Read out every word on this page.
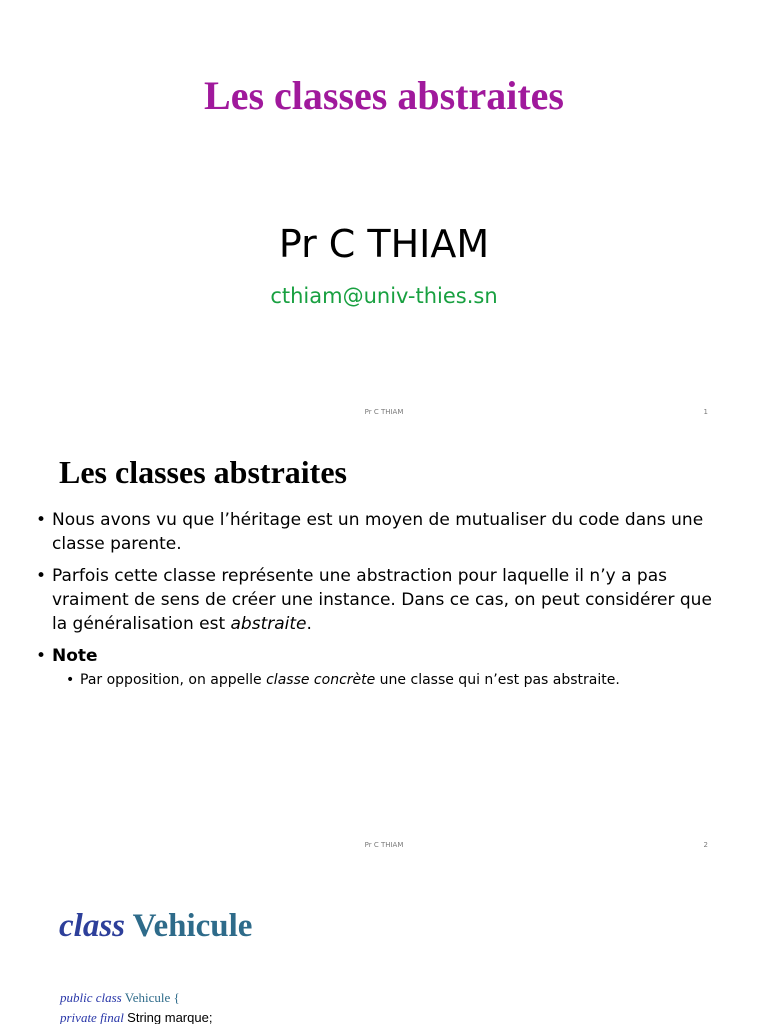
Les classes abstraites
Pr C THIAM
cthiam@univ-thies.sn
Pr C THIAM	1
Les classes abstraites
• Nous avons vu que l’héritage est un moyen de mutualiser du code dans une classe parente.
• Parfois cette classe représente une abstraction pour laquelle il n’y a pas vraiment de sens de créer une instance. Dans ce cas, on peut considérer que la généralisation est abstraite.
• Note
• Par opposition, on appelle classe concrète une classe qui n’est pas abstraite.
Pr C THIAM	2
class Vehicule
public class Vehicule {
private final String marque;
